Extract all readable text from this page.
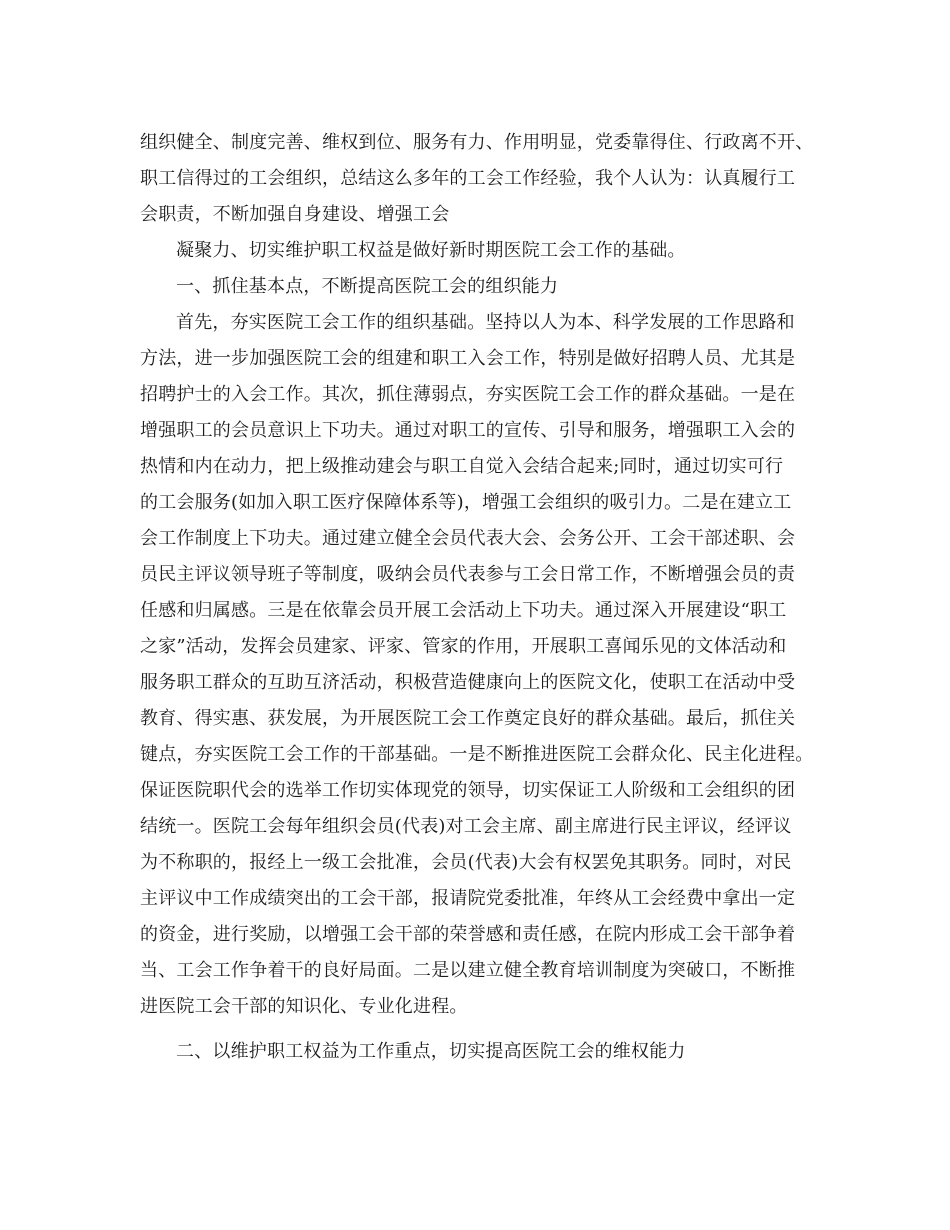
组织健全、制度完善、维权到位、服务有力、作用明显，党委靠得住、行政离不开、
职工信得过的工会组织，总结这么多年的工会工作经验，我个人认为：认真履行工
会职责，不断加强自身建设、增强工会
凝聚力、切实维护职工权益是做好新时期医院工会工作的基础。
一、抓住基本点，不断提高医院工会的组织能力
首先，夯实医院工会工作的组织基础。坚持以人为本、科学发展的工作思路和
方法，进一步加强医院工会的组建和职工入会工作，特别是做好招聘人员、尤其是
招聘护士的入会工作。其次，抓住薄弱点，夯实医院工会工作的群众基础。一是在
增强职工的会员意识上下功夫。通过对职工的宣传、引导和服务，增强职工入会的
热情和内在动力，把上级推动建会与职工自觉入会结合起来;同时，通过切实可行
的工会服务(如加入职工医疗保障体系等)，增强工会组织的吸引力。二是在建立工
会工作制度上下功夫。通过建立健全会员代表大会、会务公开、工会干部述职、会
员民主评议领导班子等制度，吸纳会员代表参与工会日常工作，不断增强会员的责
任感和归属感。三是在依靠会员开展工会活动上下功夫。通过深入开展建设“职工
之家”活动，发挥会员建家、评家、管家的作用，开展职工喜闻乐见的文体活动和
服务职工群众的互助互济活动，积极营造健康向上的医院文化，使职工在活动中受
教育、得实惠、获发展，为开展医院工会工作奠定良好的群众基础。最后，抓住关
键点，夯实医院工会工作的干部基础。一是不断推进医院工会群众化、民主化进程。
保证医院职代会的选举工作切实体现党的领导，切实保证工人阶级和工会组织的团
结统一。医院工会每年组织会员(代表)对工会主席、副主席进行民主评议，经评议
为不称职的，报经上一级工会批准，会员(代表)大会有权罢免其职务。同时，对民
主评议中工作成绩突出的工会干部，报请院党委批准，年终从工会经费中拿出一定
的资金，进行奖励，以增强工会干部的荣誉感和责任感，在院内形成工会干部争着
当、工会工作争着干的良好局面。二是以建立健全教育培训制度为突破口，不断推
进医院工会干部的知识化、专业化进程。
二、以维护职工权益为工作重点，切实提高医院工会的维权能力
